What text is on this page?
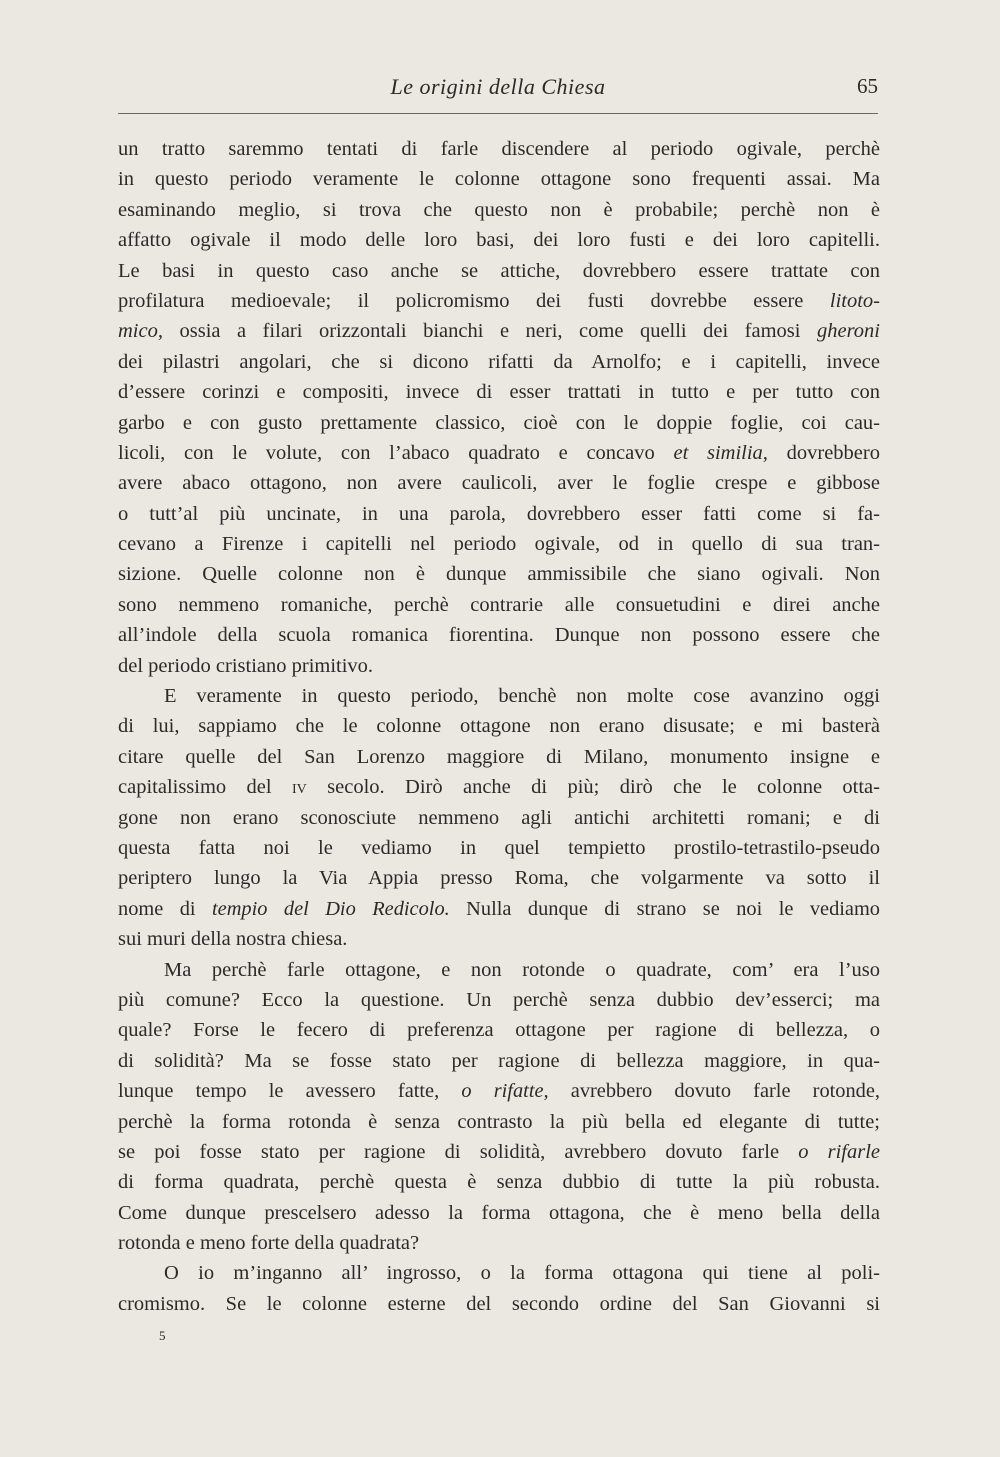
Le origini della Chiesa	65
un tratto saremmo tentati di farle discendere al periodo ogivale, perchè
in questo periodo veramente le colonne ottagone sono frequenti assai. Ma
esaminando meglio, si trova che questo non è probabile; perchè non è
affatto ogivale il modo delle loro basi, dei loro fusti e dei loro capitelli.
Le basi in questo caso anche se attiche, dovrebbero essere trattate con
profilatura medioevale; il policromismo dei fusti dovrebbe essere litoto-
mico, ossia a filari orizzontali bianchi e neri, come quelli dei famosi gheroni
dei pilastri angolari, che si dicono rifatti da Arnolfo; e i capitelli, invece
d’essere corinzi e compositi, invece di esser trattati in tutto e per tutto con
garbo e con gusto prettamente classico, cioè con le doppie foglie, coi cau-
licoli, con le volute, con l’abaco quadrato e concavo et similia, dovrebbero
avere abaco ottagono, non avere caulicoli, aver le foglie crespe e gibbose
o tutt’al più uncinate, in una parola, dovrebbero esser fatti come si fa-
cevano a Firenze i capitelli nel periodo ogivale, od in quello di sua tran-
sizione. Quelle colonne non è dunque ammissibile che siano ogivali. Non
sono nemmeno romaniche, perchè contrarie alle consuetudini e direi anche
all’indole della scuola romanica fiorentina. Dunque non possono essere che
del periodo cristiano primitivo.
E veramente in questo periodo, benchè non molte cose avanzino oggi
di lui, sappiamo che le colonne ottagone non erano disusate; e mi basterà
citare quelle del San Lorenzo maggiore di Milano, monumento insigne e
capitalissimo del iv secolo. Dirò anche di più; dirò che le colonne otta-
gone non erano sconosciute nemmeno agli antichi architetti romani; e di
questa fatta noi le vediamo in quel tempietto prostilo-tetrastilo-pseudo
periptero lungo la Via Appia presso Roma, che volgarmente va sotto il
nome di tempio del Dio Redicolo. Nulla dunque di strano se noi le vediamo
sui muri della nostra chiesa.
Ma perchè farle ottagone, e non rotonde o quadrate, com’ era l’uso
più comune? Ecco la questione. Un perchè senza dubbio dev’esserci; ma
quale? Forse le fecero di preferenza ottagone per ragione di bellezza, o
di solidità? Ma se fosse stato per ragione di bellezza maggiore, in qua-
lunque tempo le avessero fatte, o rifatte, avrebbero dovuto farle rotonde,
perchè la forma rotonda è senza contrasto la più bella ed elegante di tutte;
se poi fosse stato per ragione di solidità, avrebbero dovuto farle o rifarle
di forma quadrata, perchè questa è senza dubbio di tutte la più robusta.
Come dunque prescelsero adesso la forma ottagona, che è meno bella della
rotonda e meno forte della quadrata?
O io m’inganno all’ ingrosso, o la forma ottagona qui tiene al poli-
cromismo. Se le colonne esterne del secondo ordine del San Giovanni si
5
